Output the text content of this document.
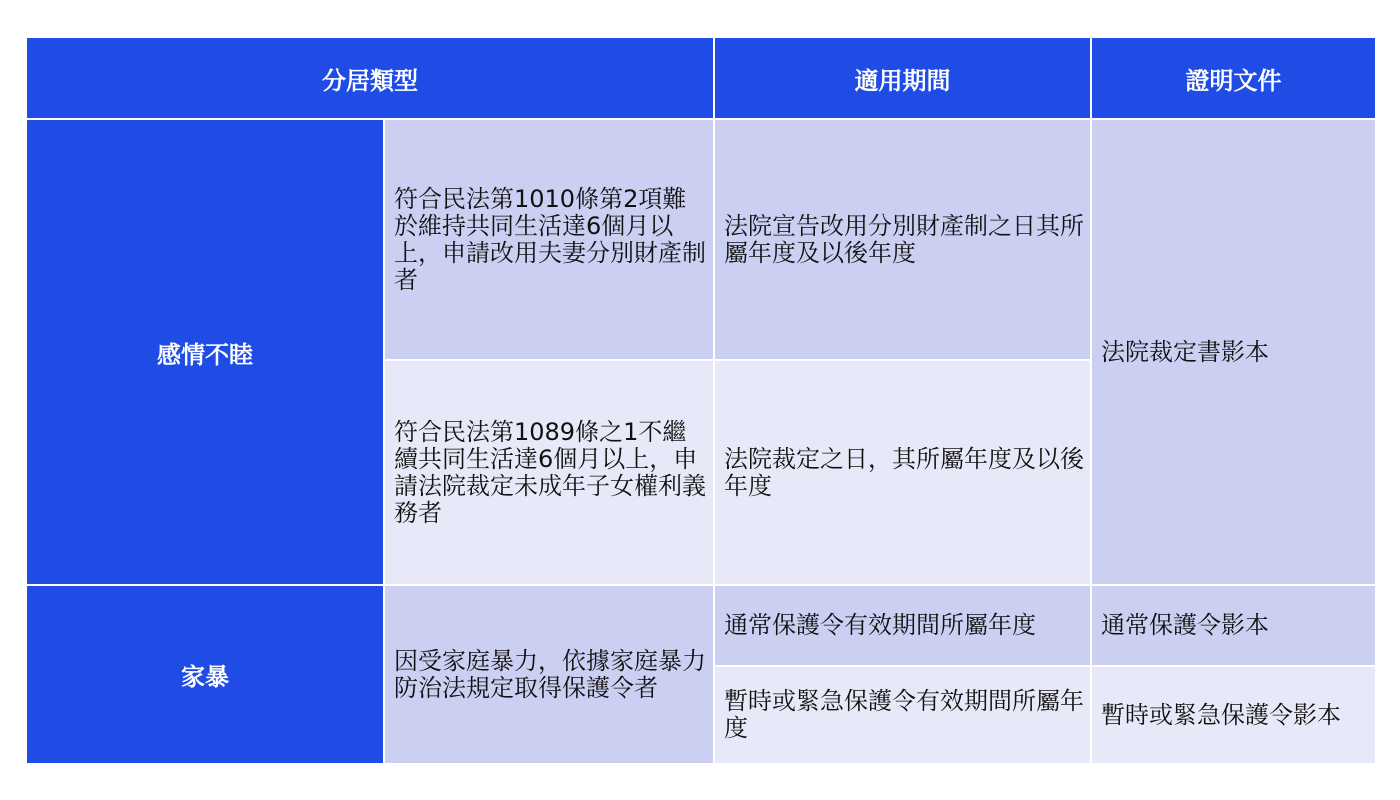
分居類型		適用期間	證明文件
感情不睦	符合民法第1010條第2項難於維持共同生活達6個月以上，申請改用夫妻分別財產制者	法院宣告改用分別財產制之日其所屬年度及以後年度	法院裁定書影本
	符合民法第1089條之1不繼續共同生活達6個月以上，申請法院裁定未成年子女權利義務者	法院裁定之日，其所屬年度及以後年度	
家暴	因受家庭暴力，依據家庭暴力防治法規定取得保護令者	通常保護令有效期間所屬年度	通常保護令影本
		暫時或緊急保護令有效期間所屬年度	暫時或緊急保護令影本
